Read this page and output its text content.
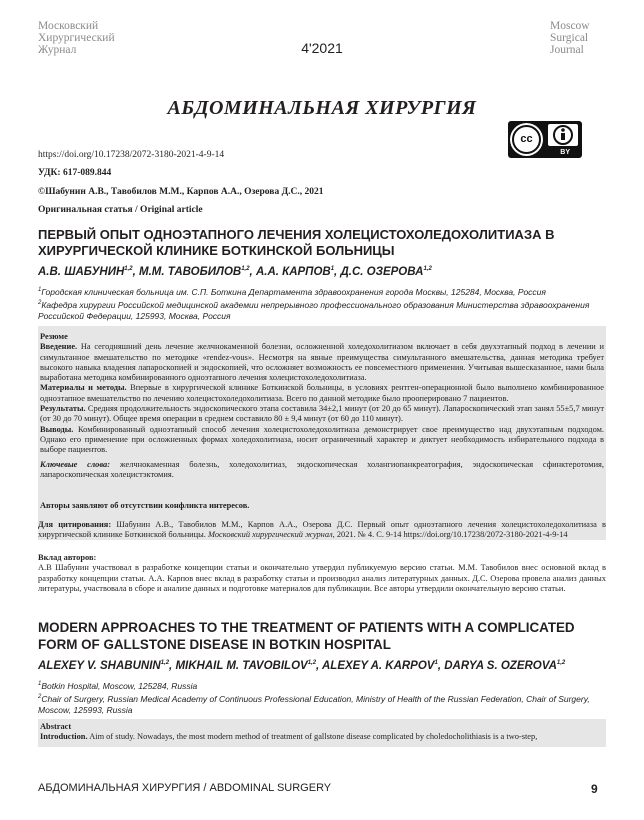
Московский
Хирургический
Журнал	4'2021
Moscow
Surgical
Journal
АБДОМИНАЛЬНАЯ ХИРУРГИЯ
https://doi.org/10.17238/2072-3180-2021-4-9-14
УДК: 617-089.844
©Шабунин А.В., Тавобилов М.М., Карпов А.А., Озерова Д.С., 2021
Оригинальная статья / Original article
cc
BY
ПЕРВЫЙ ОПЫТ ОДНОЭТАПНОГО ЛЕЧЕНИЯ ХОЛЕЦИСТОХОЛЕДОХОЛИТИАЗА В ХИРУРГИЧЕСКОЙ КЛИНИКЕ БОТКИНСКОЙ БОЛЬНИЦЫ
А.В. ШАБУНИН$^{1,2}$, М.М. ТАВОБИЛОВ$^{1,2}$, А.А. КАРПОВ$^1$, Д.С. ОЗЕРОВА$^{1,2}$
$^1$Городская клиническая больница им. С.П. Боткина Департамента здравоохранения города Москвы, 125284, Москва, Россия
$^2$Кафедра хирургии Российской медицинской академии непрерывного профессионального образования Министерства здравоохранения Российской Федерации, 125993, Москва, Россия
Резюме
Введение. На сегодняшний день лечение желчнокаменной болезни, осложненной холедохолитиазом включает в себя двухэтапный подход в лечении и симультанное вмешательство по методике «rendez-vous». Несмотря на явные преимущества симультанного вмешательства, данная методика требует высокого навыка владения лапароскопией и эндоскопией, что осложняет возможность ее повсеместного применения. Учитывая вышесказанное, нами была выработана методика комбинированного одноэтапного лечения холецистохоледохолитиаза.
Материалы и методы. Впервые в хирургической клинике Боткинской больницы, в условиях рентген-операционной было выполнено комбинированное одноэтапное вмешательство по лечению холецистохоледохолитиаза. Всего по данной методике было прооперировано 7 пациентов.
Результаты. Средняя продолжительность эндоскопического этапа составила 34±2,1 минут (от 20 до 65 минут). Лапароскопический этап занял 55±5,7 минут (от 30 до 70 минут). Общее время операции в среднем составило 80 ± 9,4 минут (от 60 до 110 минут).
Выводы. Комбинированный одноэтапный способ лечения холецистохоледохолитиаза демонстрирует свое преимущество над двухэтапным подходом. Однако его применение при осложненных формах холедохолитиаза, носит ограниченный характер и диктует необходимость избирательного подхода в выборе пациентов.
Ключевые слова: желчнокаменная болезнь, холедохолитиаз, эндоскопическая холангиопанкреатография, эндоскопическая сфинктеротомия, лапароскопическая холецистэктомия.
Авторы заявляют об отсутствии конфликта интересов.
Для цитирования: Шабунин А.В., Тавобилов М.М., Карпов А.А., Озерова Д.С. Первый опыт одноэтапного лечения холецистохоледохолитиаза в хирургической клинике Боткинской больницы. Московский хирургический журнал, 2021. № 4. С. 9-14 https://doi.org/10.17238/2072-3180-2021-4-9-14
Вклад авторов:
А.В Шабунин участвовал в разработке концепции статьи и окончательно утвердил публикуемую версию статьи. М.М. Тавобилов внес основной вклад в разработку концепции статьи. А.А. Карпов внес вклад в разработку статьи и производил анализ литературных данных. Д.С. Озерова провела анализ данных литературы, участвовала в сборе и анализе данных и подготовке материалов для публикации. Все авторы утвердили окончательную версию статьи.
MODERN APPROACHES TO THE TREATMENT OF PATIENTS WITH A COMPLICATED FORM OF GALLSTONE DISEASE IN BOTKIN HOSPITAL
ALEXEY V. SHABUNIN$^{1,2}$, MIKHAIL M. TAVOBILOV$^{1,2}$, ALEXEY A. KARPOV$^1$, DARYA S. OZEROVA$^{1,2}$
$^1$Botkin Hospital, Moscow, 125284, Russia
$^2$Chair of Surgery, Russian Medical Academy of Continuous Professional Education, Ministry of Health of the Russian Federation, Chair of Surgery, Moscow, 125993, Russia
Abstract
Introduction. Aim of study. Nowadays, the most modern method of treatment of gallstone disease complicated by choledocholithiasis is a two-step,
АБДОМИНАЛЬНАЯ ХИРУРГИЯ / ABDOMINAL SURGERY	9
